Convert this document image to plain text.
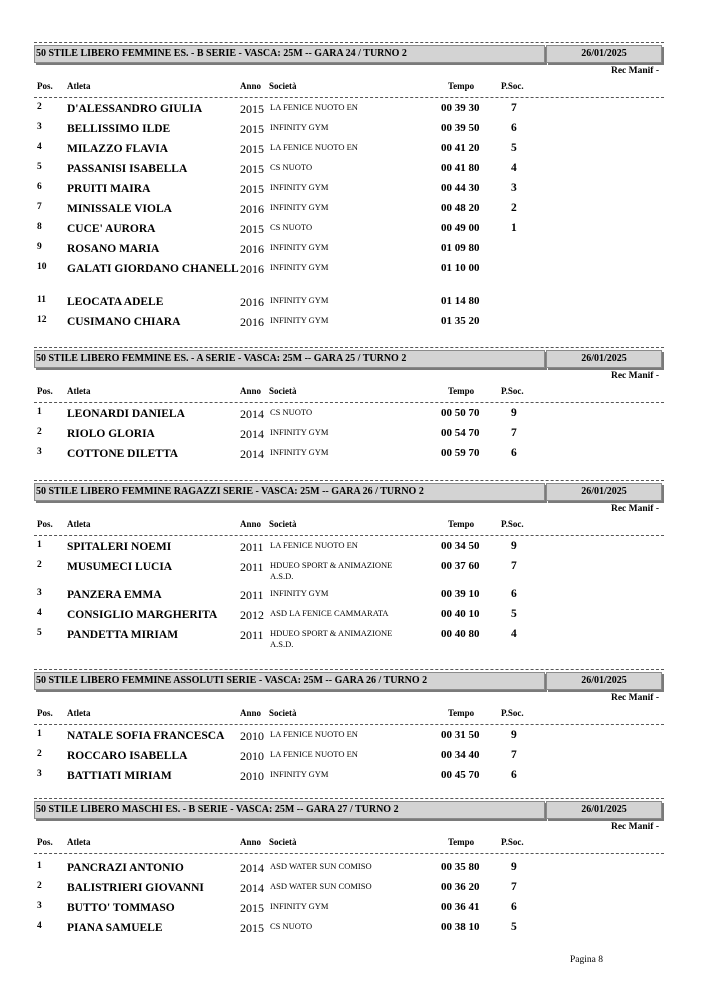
50 STILE LIBERO FEMMINE ES. - B SERIE - VASCA: 25M -- GARA 24 / TURNO 2	26/01/2025
Rec Manif -
Pos. Atleta	Anno Società	Tempo	P.Soc.
2 D'ALESSANDRO GIULIA	2015 LA FENICE NUOTO EN	00 39 30	7
3 BELLISSIMO ILDE	2015 INFINITY GYM	00 39 50	6
4 MILAZZO FLAVIA	2015 LA FENICE NUOTO EN	00 41 20	5
5 PASSANISI ISABELLA	2015 CS NUOTO	00 41 80	4
6 PRUITI MAIRA	2015 INFINITY GYM	00 44 30	3
7 MINISSALE VIOLA	2016 INFINITY GYM	00 48 20	2
8 CUCE' AURORA	2015 CS NUOTO	00 49 00	1
9 ROSANO MARIA	2016 INFINITY GYM	01 09 80
10 GALATI GIORDANO CHANELL 2016 INFINITY GYM	01 10 00
11 LEOCATA ADELE	2016 INFINITY GYM	01 14 80
12 CUSIMANO CHIARA	2016 INFINITY GYM	01 35 20
50 STILE LIBERO FEMMINE ES. - A SERIE - VASCA: 25M -- GARA 25 / TURNO 2	26/01/2025
Rec Manif -
Pos. Atleta	Anno Società	Tempo	P.Soc.
1 LEONARDI DANIELA	2014 CS NUOTO	00 50 70	9
2 RIOLO GLORIA	2014 INFINITY GYM	00 54 70	7
3 COTTONE DILETTA	2014 INFINITY GYM	00 59 70	6
50 STILE LIBERO FEMMINE RAGAZZI SERIE - VASCA: 25M -- GARA 26 / TURNO 2	26/01/2025
Rec Manif -
Pos. Atleta	Anno Società	Tempo	P.Soc.
1 SPITALERI NOEMI	2011 LA FENICE NUOTO EN	00 34 50	9
2 MUSUMECI LUCIA	2011 HDUEO SPORT & ANIMAZIONE A.S.D.
00 37 60	7
3 PANZERA EMMA	2011 INFINITY GYM	00 39 10	6
4 CONSIGLIO MARGHERITA	2012 ASD LA FENICE CAMMARATA	00 40 10	5
5 PANDETTA MIRIAM	2011 HDUEO SPORT & ANIMAZIONE A.S.D.
00 40 80	4
50 STILE LIBERO FEMMINE ASSOLUTI SERIE - VASCA: 25M -- GARA 26 / TURNO 2	26/01/2025
Rec Manif -
Pos. Atleta	Anno Società	Tempo	P.Soc.
1 NATALE SOFIA FRANCESCA	2010 LA FENICE NUOTO EN	00 31 50	9
2 ROCCARO ISABELLA	2010 LA FENICE NUOTO EN	00 34 40	7
3 BATTIATI MIRIAM	2010 INFINITY GYM	00 45 70	6
50 STILE LIBERO MASCHI ES. - B SERIE - VASCA: 25M -- GARA 27 / TURNO 2	26/01/2025
Rec Manif -
Pos. Atleta	Anno Società	Tempo	P.Soc.
1 PANCRAZI ANTONIO	2014 ASD WATER SUN COMISO	00 35 80	9
2 BALISTRIERI GIOVANNI	2014 ASD WATER SUN COMISO	00 36 20	7
3 BUTTO' TOMMASO	2015 INFINITY GYM	00 36 41	6
4 PIANA SAMUELE	2015 CS NUOTO	00 38 10	5
Pagina 8
